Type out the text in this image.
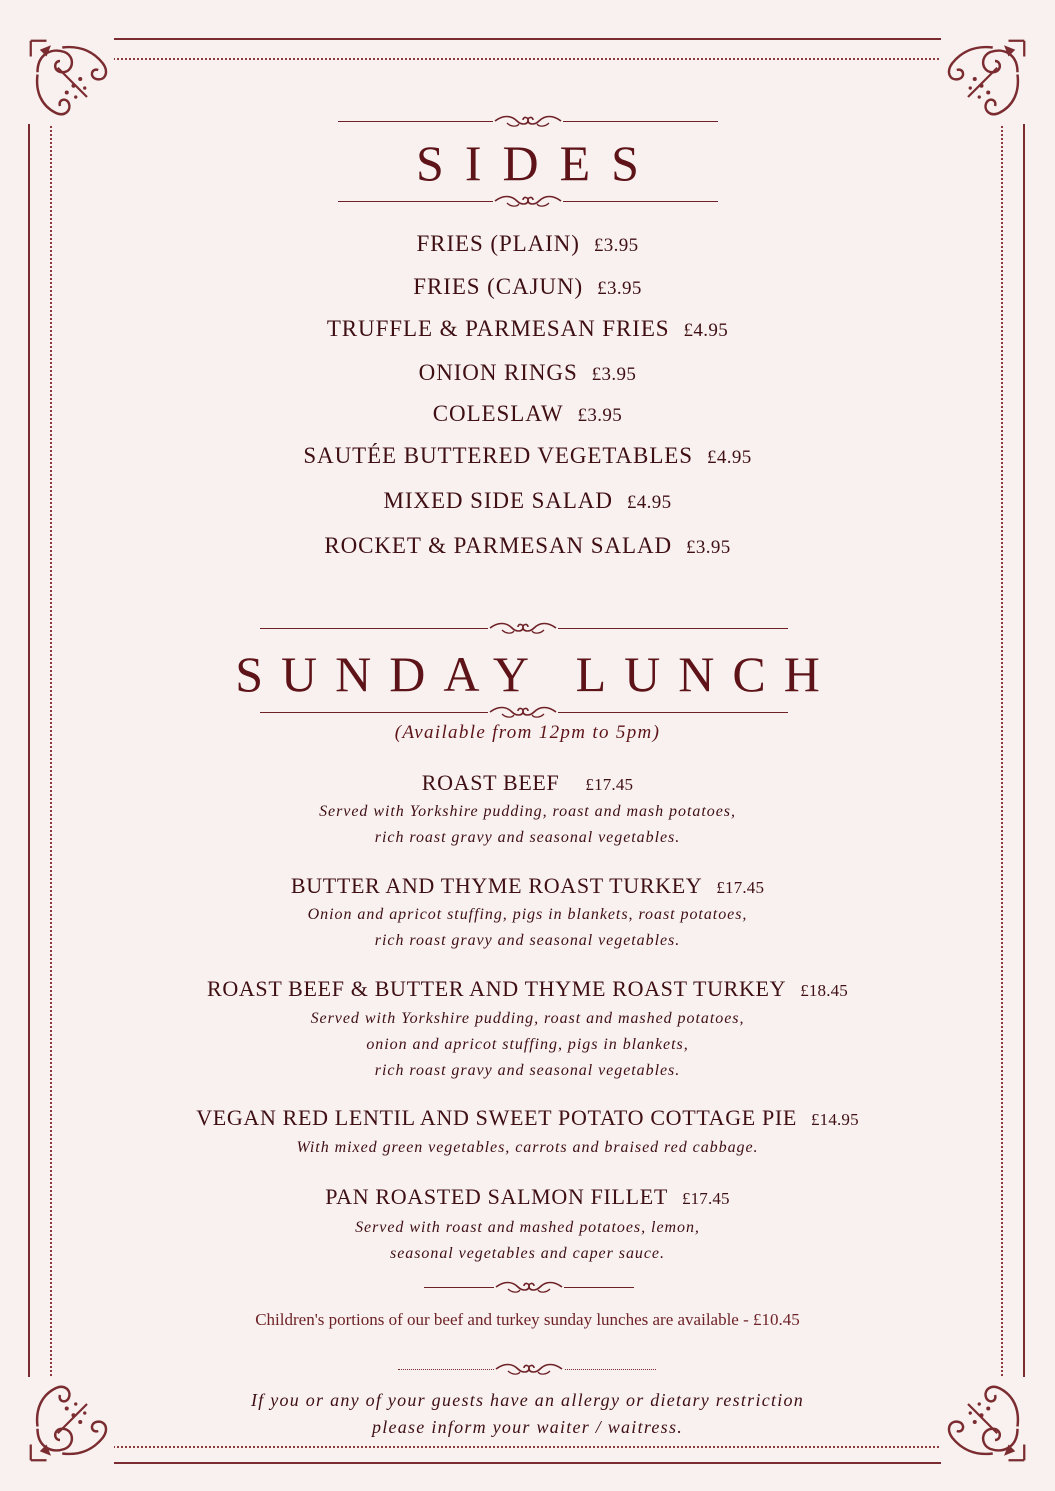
SIDES
FRIES (PLAIN) £3.95
FRIES (CAJUN) £3.95
TRUFFLE & PARMESAN FRIES £4.95
ONION RINGS £3.95
COLESLAW £3.95
SAUTÉE BUTTERED VEGETABLES £4.95
MIXED SIDE SALAD £4.95
ROCKET & PARMESAN SALAD £3.95
SUNDAY LUNCH
(Available from 12pm to 5pm)
ROAST BEEF £17.45
Served with Yorkshire pudding, roast and mash potatoes,
rich roast gravy and seasonal vegetables.
BUTTER AND THYME ROAST TURKEY £17.45
Onion and apricot stuffing, pigs in blankets, roast potatoes,
rich roast gravy and seasonal vegetables.
ROAST BEEF & BUTTER AND THYME ROAST TURKEY £18.45
Served with Yorkshire pudding, roast and mashed potatoes,
onion and apricot stuffing, pigs in blankets,
rich roast gravy and seasonal vegetables.
VEGAN RED LENTIL AND SWEET POTATO COTTAGE PIE £14.95
With mixed green vegetables, carrots and braised red cabbage.
PAN ROASTED SALMON FILLET £17.45
Served with roast and mashed potatoes, lemon,
seasonal vegetables and caper sauce.
Children's portions of our beef and turkey sunday lunches are available - £10.45
If you or any of your guests have an allergy or dietary restriction
please inform your waiter / waitress.
